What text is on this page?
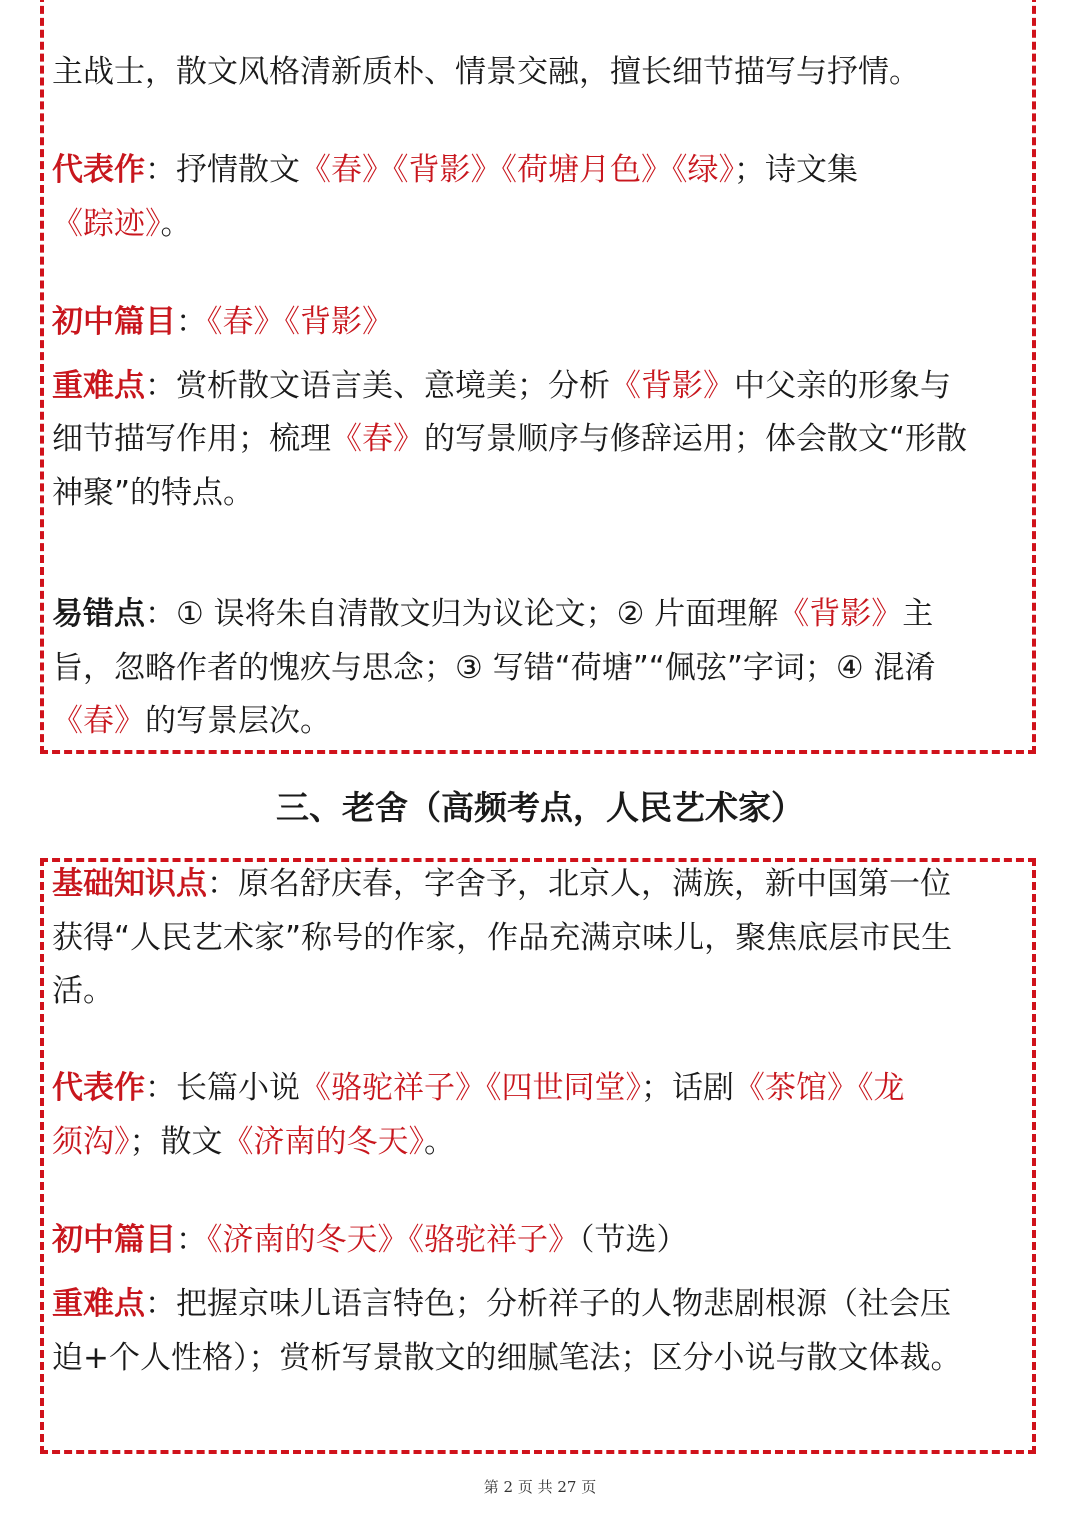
主战士，散文风格清新质朴、情景交融，擅长细节描写与抒情。
代表作：抒情散文《春》《背影》《荷塘月色》《绿》；诗文集
《踪迹》。
初中篇目：《春》《背影》
重难点：赏析散文语言美、意境美；分析《背影》中父亲的形象与
细节描写作用；梳理《春》的写景顺序与修辞运用；体会散文“形散
神聚”的特点。
易错点：① 误将朱自清散文归为议论文；② 片面理解《背影》主
旨，忽略作者的愧疚与思念；③ 写错“荷塘”“佩弦”字词；④ 混淆
《春》的写景层次。
三、老舍（高频考点，人民艺术家）
基础知识点：原名舒庆春，字舍予，北京人，满族，新中国第一位
获得“人民艺术家”称号的作家，作品充满京味儿，聚焦底层市民生
活。
代表作：长篇小说《骆驼祥子》《四世同堂》；话剧《茶馆》《龙
须沟》；散文《济南的冬天》。
初中篇目：《济南的冬天》《骆驼祥子》（节选）
重难点：把握京味儿语言特色；分析祥子的人物悲剧根源（社会压
迫+个人性格）；赏析写景散文的细腻笔法；区分小说与散文体裁。
第 2 页 共 27 页
